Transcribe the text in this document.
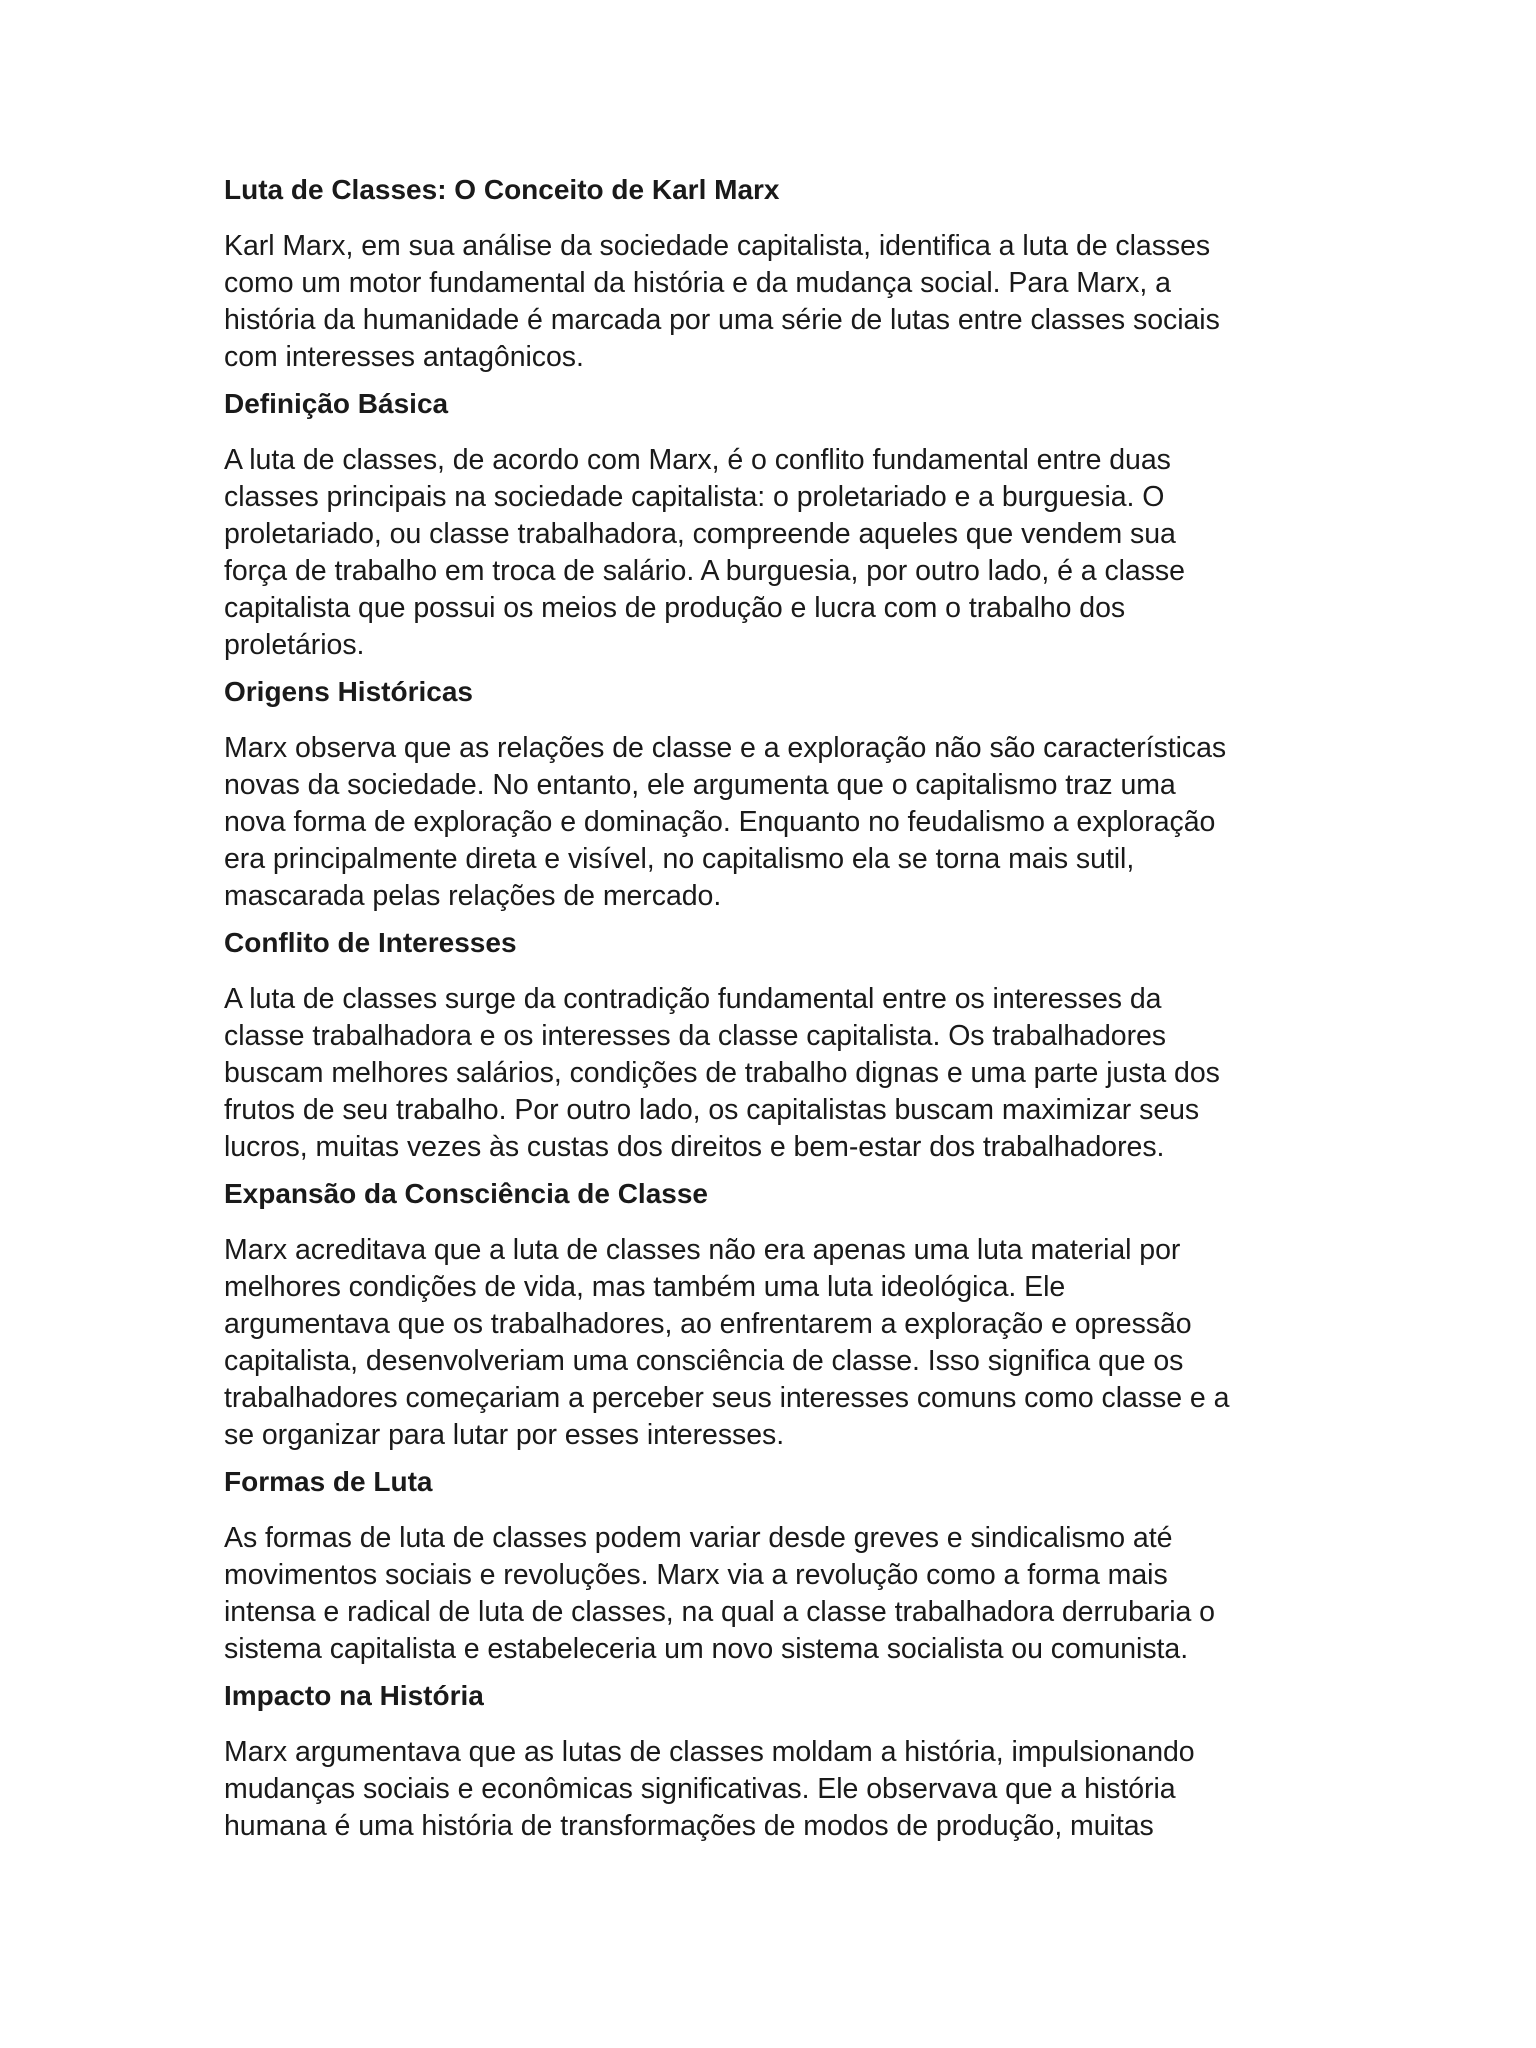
Luta de Classes: O Conceito de Karl Marx

Karl Marx, em sua análise da sociedade capitalista, identifica a luta de classes
como um motor fundamental da história e da mudança social. Para Marx, a
história da humanidade é marcada por uma série de lutas entre classes sociais
com interesses antagônicos.

Definição Básica

A luta de classes, de acordo com Marx, é o conflito fundamental entre duas
classes principais na sociedade capitalista: o proletariado e a burguesia. O
proletariado, ou classe trabalhadora, compreende aqueles que vendem sua
força de trabalho em troca de salário. A burguesia, por outro lado, é a classe
capitalista que possui os meios de produção e lucra com o trabalho dos
proletários.

Origens Históricas

Marx observa que as relações de classe e a exploração não são características
novas da sociedade. No entanto, ele argumenta que o capitalismo traz uma
nova forma de exploração e dominação. Enquanto no feudalismo a exploração
era principalmente direta e visível, no capitalismo ela se torna mais sutil,
mascarada pelas relações de mercado.

Conflito de Interesses

A luta de classes surge da contradição fundamental entre os interesses da
classe trabalhadora e os interesses da classe capitalista. Os trabalhadores
buscam melhores salários, condições de trabalho dignas e uma parte justa dos
frutos de seu trabalho. Por outro lado, os capitalistas buscam maximizar seus
lucros, muitas vezes às custas dos direitos e bem-estar dos trabalhadores.

Expansão da Consciência de Classe

Marx acreditava que a luta de classes não era apenas uma luta material por
melhores condições de vida, mas também uma luta ideológica. Ele
argumentava que os trabalhadores, ao enfrentarem a exploração e opressão
capitalista, desenvolveriam uma consciência de classe. Isso significa que os
trabalhadores começariam a perceber seus interesses comuns como classe e a
se organizar para lutar por esses interesses.

Formas de Luta

As formas de luta de classes podem variar desde greves e sindicalismo até
movimentos sociais e revoluções. Marx via a revolução como a forma mais
intensa e radical de luta de classes, na qual a classe trabalhadora derrubaria o
sistema capitalista e estabeleceria um novo sistema socialista ou comunista.

Impacto na História

Marx argumentava que as lutas de classes moldam a história, impulsionando
mudanças sociais e econômicas significativas. Ele observava que a história
humana é uma história de transformações de modos de produção, muitas
